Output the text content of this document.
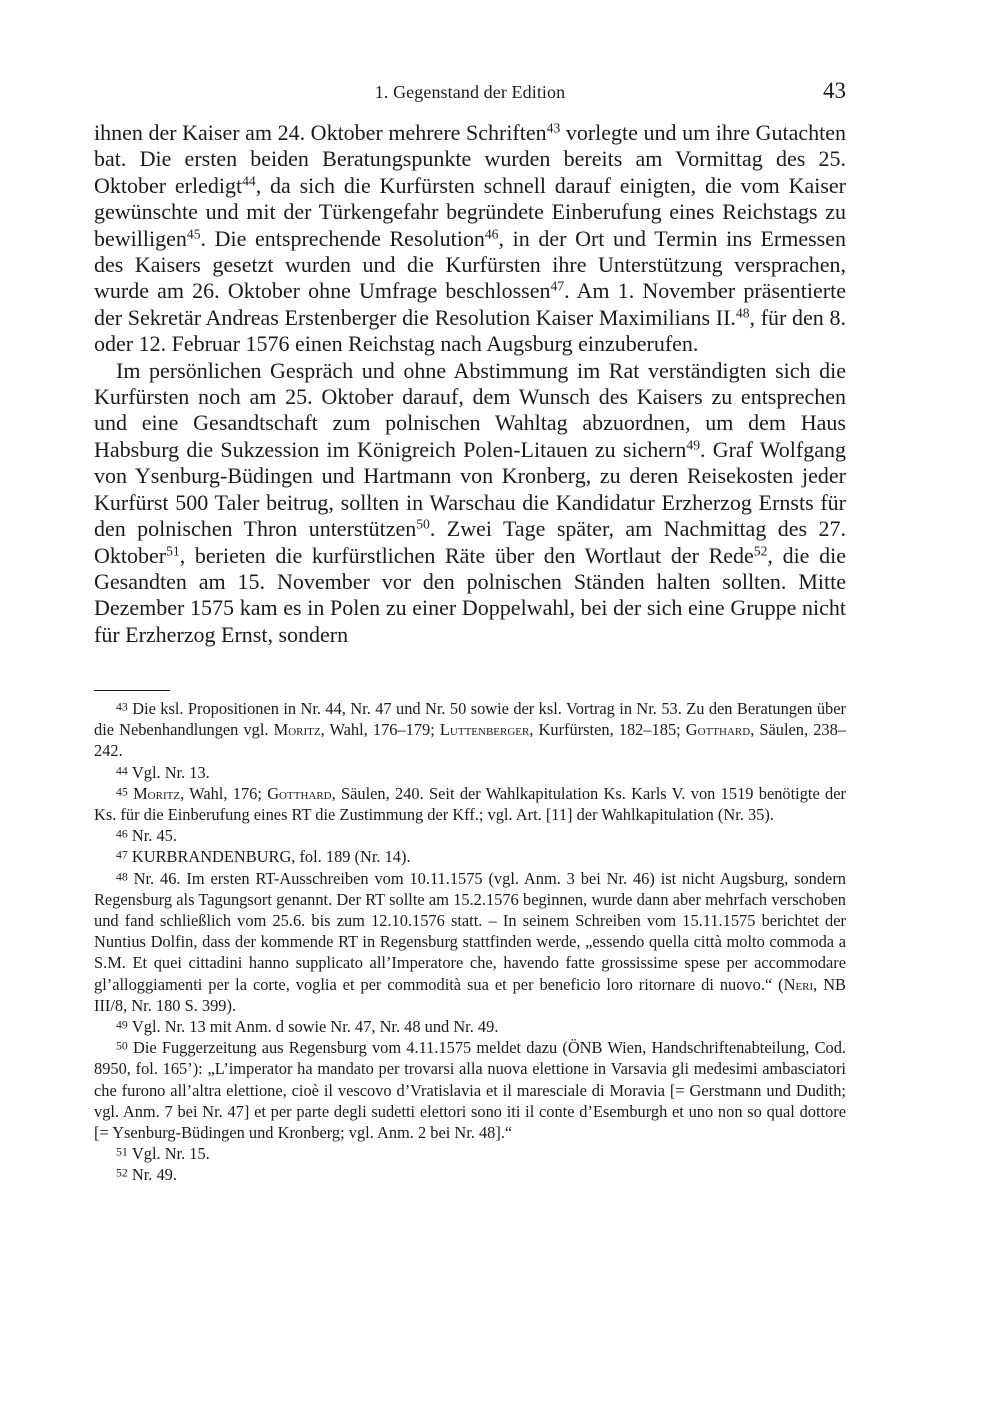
1. Gegenstand der Edition	43

ihnen der Kaiser am 24. Oktober mehrere Schriften$^{43}$ vorlegte und um ihre Gutachten bat. Die ersten beiden Beratungspunkte wurden bereits am Vormittag des 25. Oktober erledigt$^{44}$, da sich die Kurfürsten schnell darauf einigten, die vom Kaiser gewünschte und mit der Türkengefahr begründete Einberufung eines Reichstags zu bewilligen$^{45}$. Die entsprechende Resolution$^{46}$, in der Ort und Termin ins Ermessen des Kaisers gesetzt wurden und die Kurfürsten ihre Unterstützung versprachen, wurde am 26. Oktober ohne Umfrage beschlossen$^{47}$. Am 1. November präsentierte der Sekretär Andreas Erstenberger die Resolution Kaiser Maximilians II.$^{48}$, für den 8. oder 12. Februar 1576 einen Reichstag nach Augsburg einzuberufen.

Im persönlichen Gespräch und ohne Abstimmung im Rat verständigten sich die Kurfürsten noch am 25. Oktober darauf, dem Wunsch des Kaisers zu entsprechen und eine Gesandtschaft zum polnischen Wahltag abzuordnen, um dem Haus Habsburg die Sukzession im Königreich Polen-Litauen zu sichern$^{49}$. Graf Wolfgang von Ysenburg-Büdingen und Hartmann von Kronberg, zu deren Reisekosten jeder Kurfürst 500 Taler beitrug, sollten in Warschau die Kandidatur Erzherzog Ernsts für den polnischen Thron unterstützen$^{50}$. Zwei Tage später, am Nachmittag des 27. Oktober$^{51}$, berieten die kurfürstlichen Räte über den Wortlaut der Rede$^{52}$, die die Gesandten am 15. November vor den polnischen Ständen halten sollten. Mitte Dezember 1575 kam es in Polen zu einer Doppelwahl, bei der sich eine Gruppe nicht für Erzherzog Ernst, sondern

$^{43}$ Die ksl. Propositionen in Nr. 44, Nr. 47 und Nr. 50 sowie der ksl. Vortrag in Nr. 53. Zu den Beratungen über die Nebenhandlungen vgl. Moritz, Wahl, 176–179; Luttenberger, Kurfürsten, 182–185; Gotthard, Säulen, 238–242.

$^{44}$ Vgl. Nr. 13.

$^{45}$ Moritz, Wahl, 176; Gotthard, Säulen, 240. Seit der Wahlkapitulation Ks. Karls V. von 1519 benötigte der Ks. für die Einberufung eines RT die Zustimmung der Kff.; vgl. Art. [11] der Wahlkapitulation (Nr. 35).

$^{46}$ Nr. 45.

$^{47}$ KURBRANDENBURG, fol. 189 (Nr. 14).

$^{48}$ Nr. 46. Im ersten RT-Ausschreiben vom 10.11.1575 (vgl. Anm. 3 bei Nr. 46) ist nicht Augsburg, sondern Regensburg als Tagungsort genannt. Der RT sollte am 15.2.1576 beginnen, wurde dann aber mehrfach verschoben und fand schließlich vom 25.6. bis zum 12.10.1576 statt. – In seinem Schreiben vom 15.11.1575 berichtet der Nuntius Dolfin, dass der kommende RT in Regensburg stattfinden werde, „essendo quella città molto commoda a S.M. Et quei cittadini hanno supplicato all’Imperatore che, havendo fatte grossissime spese per accommodare gl’alloggiamenti per la corte, voglia et per commodità sua et per beneficio loro ritornare di nuovo.“ (Neri, NB III/8, Nr. 180 S. 399).

$^{49}$ Vgl. Nr. 13 mit Anm. d sowie Nr. 47, Nr. 48 und Nr. 49.

$^{50}$ Die Fuggerzeitung aus Regensburg vom 4.11.1575 meldet dazu (ÖNB Wien, Handschriftenabteilung, Cod. 8950, fol. 165’): „L’imperator ha mandato per trovarsi alla nuova elettione in Varsavia gli medesimi ambasciatori che furono all’altra elettione, cioè il vescovo d’Vratislavia et il maresciale di Moravia [= Gerstmann und Dudith; vgl. Anm. 7 bei Nr. 47] et per parte degli sudetti elettori sono iti il conte d’Esemburgh et uno non so qual dottore [= Ysenburg-Büdingen und Kronberg; vgl. Anm. 2 bei Nr. 48].“

$^{51}$ Vgl. Nr. 15.

$^{52}$ Nr. 49.
